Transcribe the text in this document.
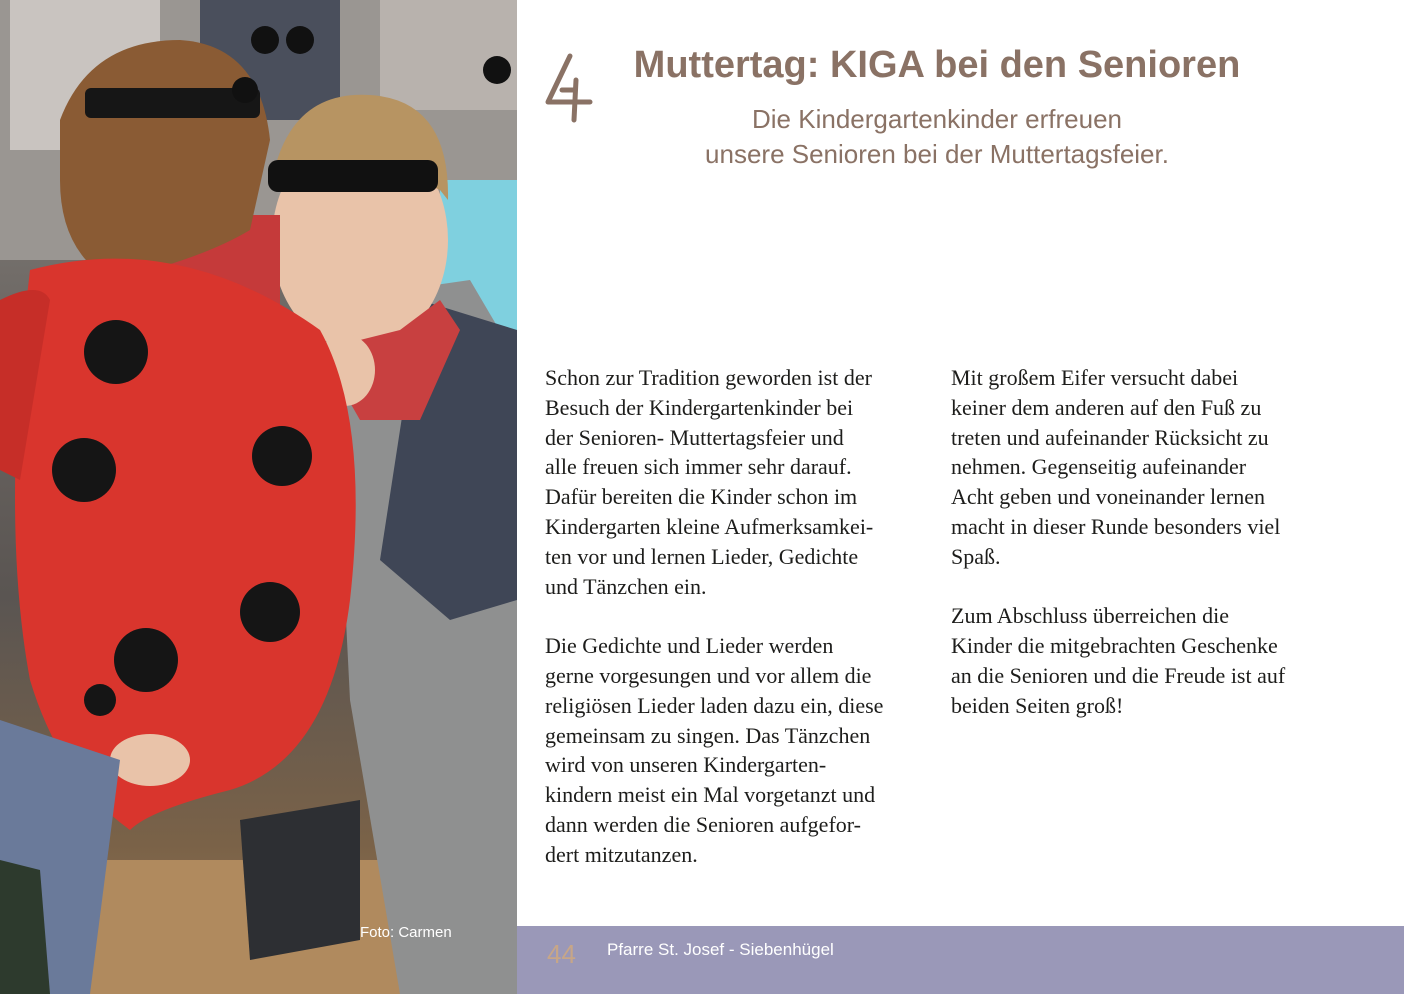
Foto: Carmen
Muttertag: KIGA bei den Senioren
Die Kindergartenkinder erfreuen
unsere Senioren bei der Muttertagsfeier.

Schon zur Tradition geworden ist der
Besuch der Kindergartenkinder bei
der Senioren- Muttertagsfeier und
alle freuen sich immer sehr darauf.
Dafür bereiten die Kinder schon im
Kindergarten kleine Aufmerksamkei-
ten vor und lernen Lieder, Gedichte
und Tänzchen ein.

Die Gedichte und Lieder werden
gerne vorgesungen und vor allem die
religiösen Lieder laden dazu ein, diese
gemeinsam zu singen. Das Tänzchen
wird von unseren Kindergarten-
kindern meist ein Mal vorgetanzt und
dann werden die Senioren aufgefor-
dert mitzutanzen.

Mit großem Eifer versucht dabei
keiner dem anderen auf den Fuß zu
treten und aufeinander Rücksicht zu
nehmen. Gegenseitig aufeinander
Acht geben und voneinander lernen
macht in dieser Runde besonders viel
Spaß.

Zum Abschluss überreichen die
Kinder die mitgebrachten Geschenke
an die Senioren und die Freude ist auf
beiden Seiten groß!

44 Pfarre St. Josef - Siebenhügel
